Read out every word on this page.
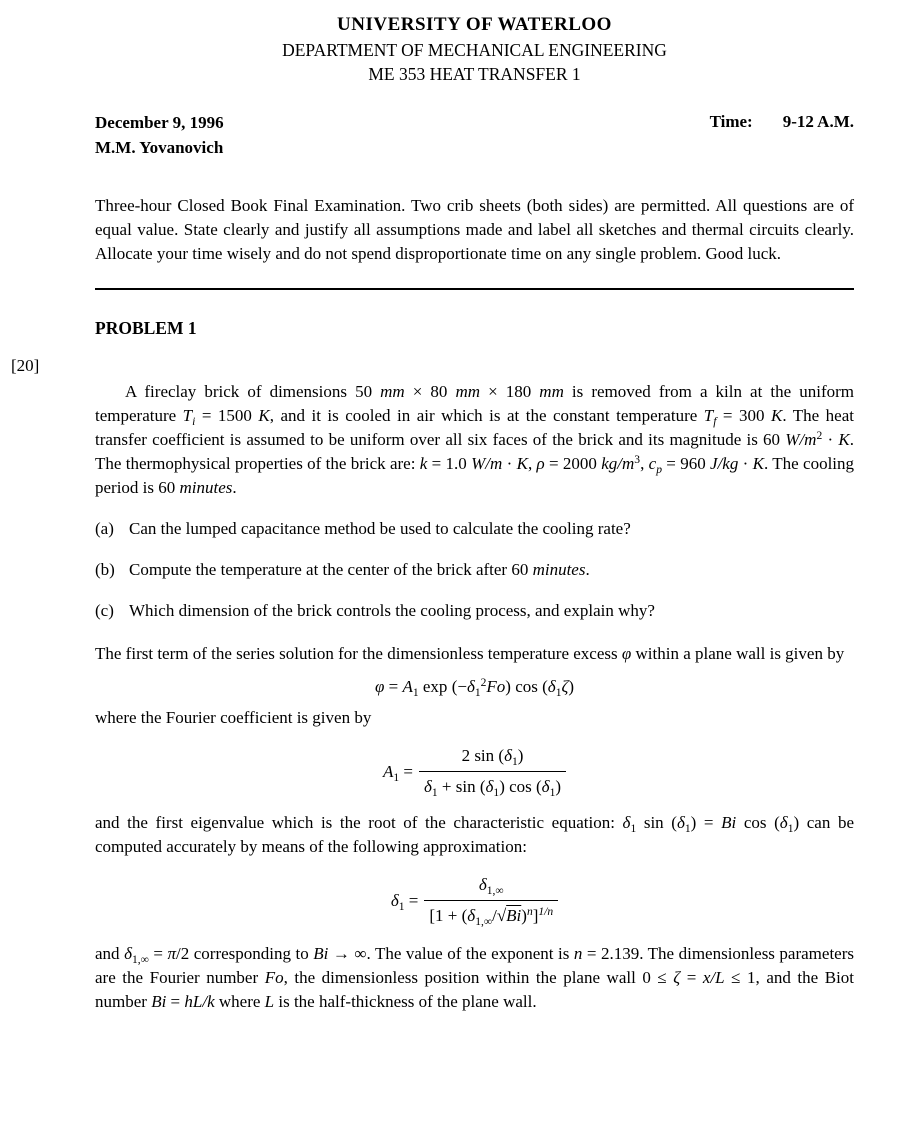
UNIVERSITY OF WATERLOO
DEPARTMENT OF MECHANICAL ENGINEERING
ME 353 HEAT TRANSFER 1
December 9, 1996
M.M. Yovanovich
Time: 9-12 A.M.

Three-hour Closed Book Final Examination. Two crib sheets (both sides) are permitted. All questions are of equal value. State clearly and justify all assumptions made and label all sketches and thermal circuits clearly. Allocate your time wisely and do not spend disproportionate time on any single problem. Good luck.

PROBLEM 1
[20]

A fireclay brick of dimensions 50 mm × 80 mm × 180 mm is removed from a kiln at the uniform temperature $T_i = 1500$ K, and it is cooled in air which is at the constant temperature $T_f = 300$ K. The heat transfer coefficient is assumed to be uniform over all six faces of the brick and its magnitude is 60 $W/m^2 \cdot K$. The thermophysical properties of the brick are: k = 1.0 W/m · K, ρ = 2000 $kg/m^3$, $c_p = 960$ J/kg · K. The cooling period is 60 minutes.

(a) Can the lumped capacitance method be used to calculate the cooling rate?
(b) Compute the temperature at the center of the brick after 60 minutes.
(c) Which dimension of the brick controls the cooling process, and explain why?

The first term of the series solution for the dimensionless temperature excess φ within a plane wall is given by

$\varphi = A_1$ $\exp (-\delta_1^2Fo)$ $\cos (\delta_1\zeta)$

where the Fourier coefficient is given by

$A_1 = \frac{2 \sin (\delta_1)}{\delta_1 + \sin (\delta_1) \cos (\delta_1)}$

and the first eigenvalue which is the root of the characteristic equation: $\delta_1$ $\sin (\delta_1) = Bi$ $\cos (\delta_1)$ can be computed accurately by means of the following approximation:

$\delta_1 = \frac{\delta_{1,\infty}}{[1 + (\delta_{1,\infty}/√Bi)^n]^{1/n}}$

and $\delta_{1,\infty} = \pi/2$ corresponding to Bi → ∞. The value of the exponent is n = 2.139. The dimensionless parameters are the Fourier number Fo, the dimensionless position within the plane wall 0 ≤ ζ = x/L ≤ 1, and the Biot number Bi = hL/k where L is the half-thickness of the plane wall.
